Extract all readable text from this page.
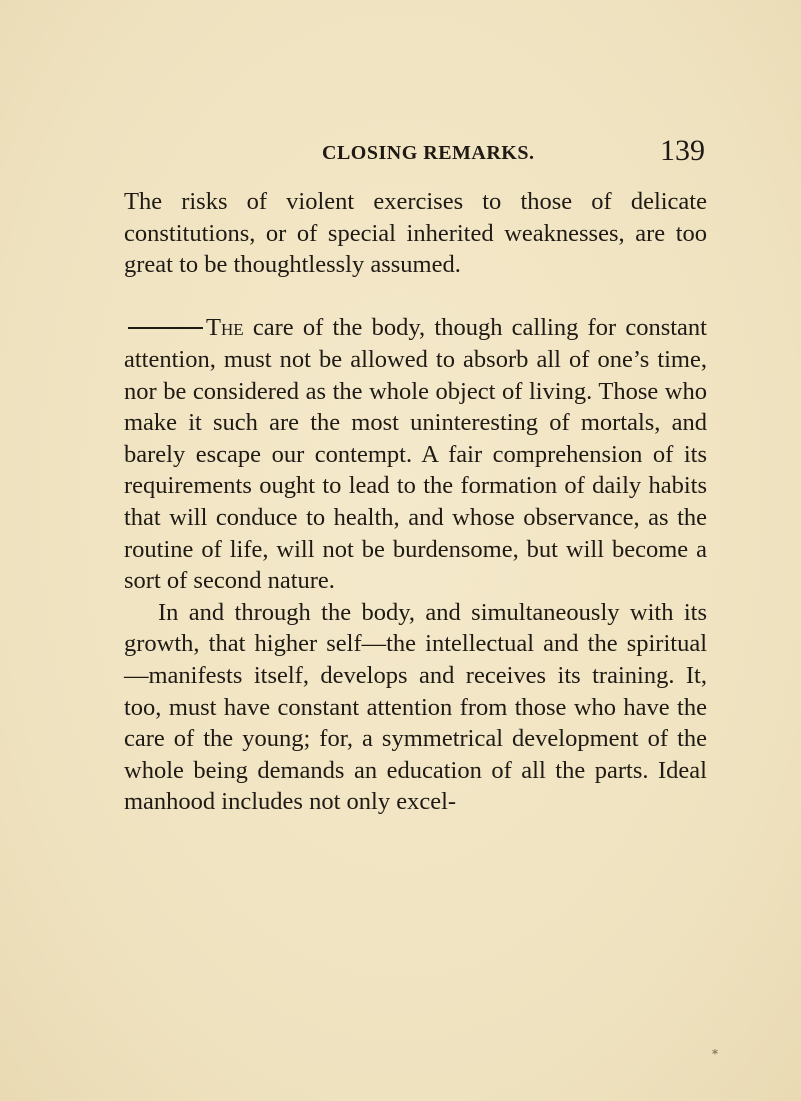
CLOSING REMARKS.	139

The risks of violent exercises to those of delicate constitutions, or of special inherited weaknesses, are too great to be thoughtlessly assumed.

The care of the body, though calling for constant attention, must not be allowed to absorb all of one’s time, nor be considered as the whole object of living. Those who make it such are the most uninteresting of mortals, and barely escape our contempt. A fair comprehension of its requirements ought to lead to the formation of daily habits that will conduce to health, and whose observance, as the routine of life, will not be burdensome, but will become a sort of second nature.

In and through the body, and simultaneously with its growth, that higher self—the intellectual and the spiritual—manifests itself, develops and receives its training. It, too, must have constant attention from those who have the care of the young; for, a symmetrical development of the whole being demands an education of all the parts. Ideal manhood includes not only excel-

*
